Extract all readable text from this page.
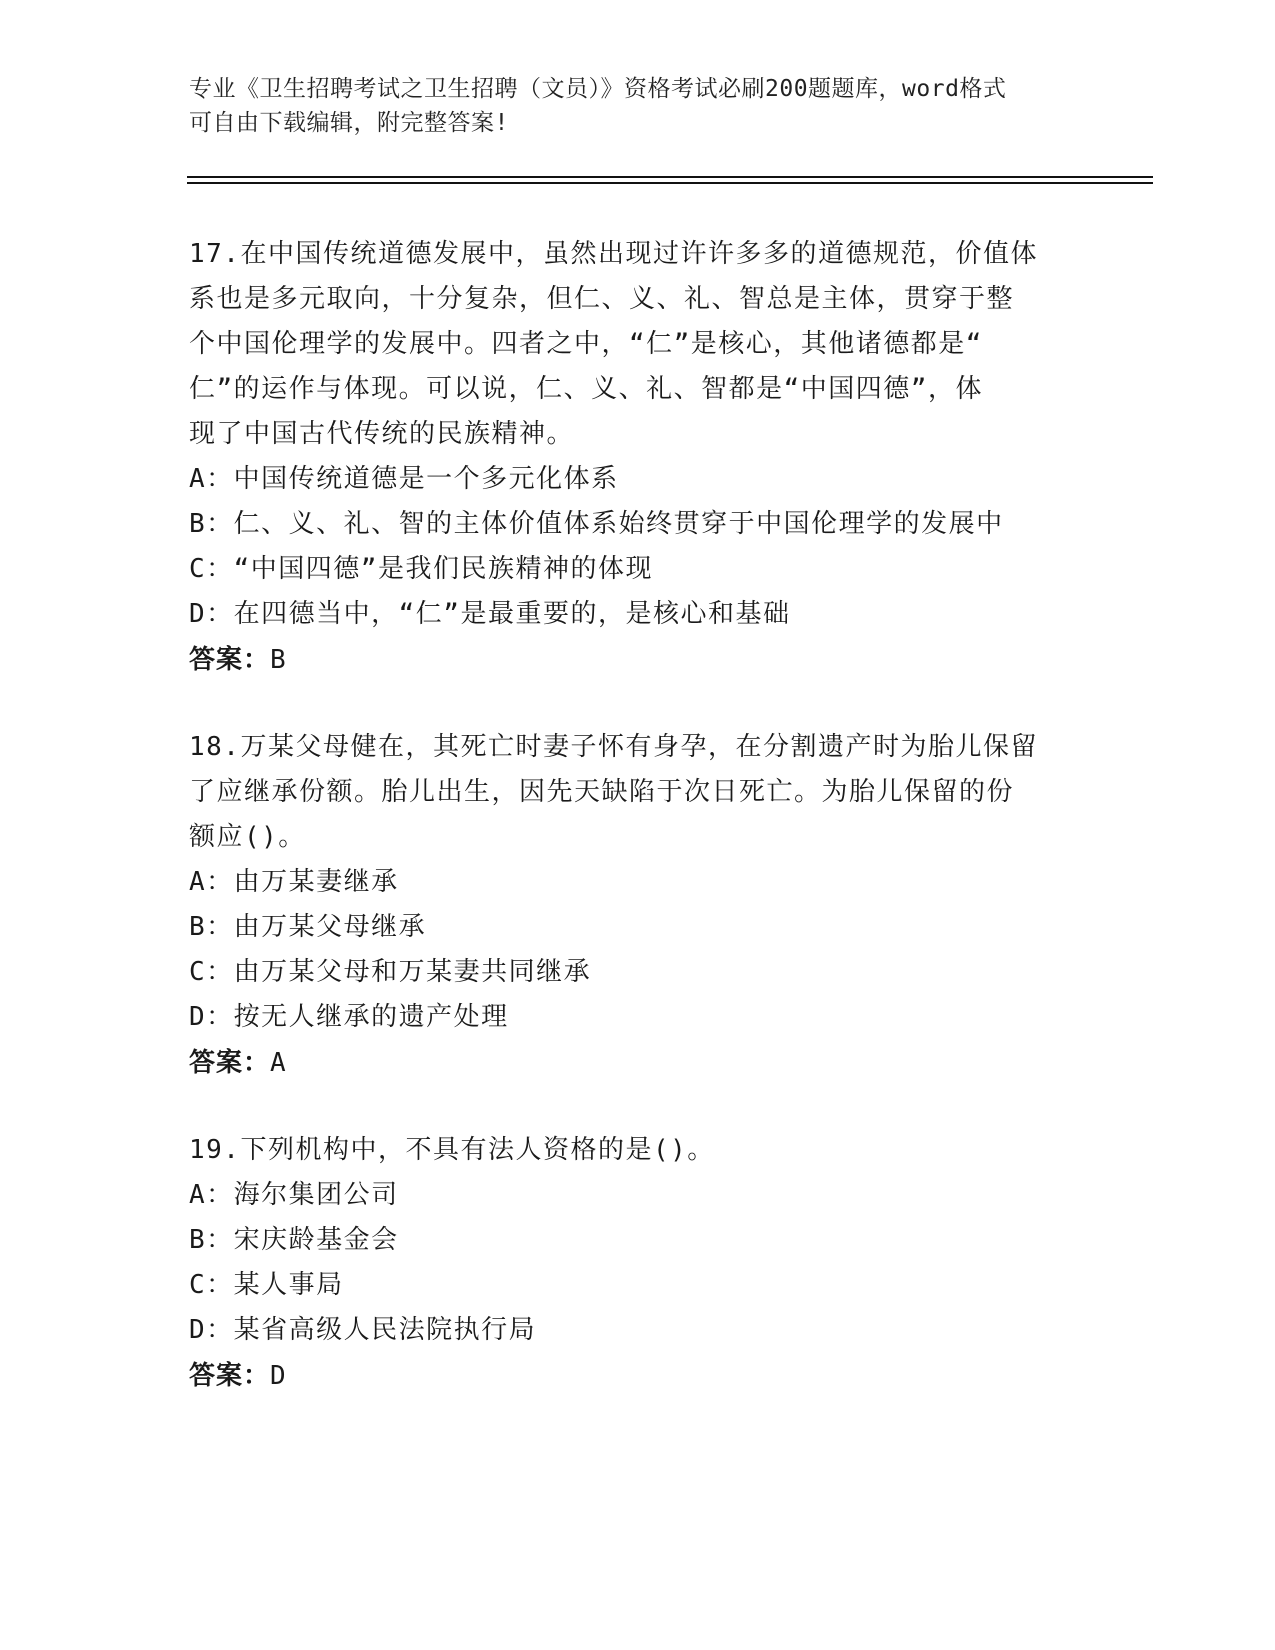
专业《卫生招聘考试之卫生招聘（文员）》资格考试必刷200题题库，word格式
可自由下载编辑，附完整答案!

17.在中国传统道德发展中，虽然出现过许许多多的道德规范，价值体

系也是多元取向，十分复杂，但仁、义、礼、智总是主体，贯穿于整

个中国伦理学的发展中。四者之中，“仁”是核心，其他诸德都是“

仁”的运作与体现。可以说，仁、义、礼、智都是“中国四德”，体

现了中国古代传统的民族精神。

A：中国传统道德是一个多元化体系

B：仁、义、礼、智的主体价值体系始终贯穿于中国伦理学的发展中

C：“中国四德”是我们民族精神的体现

D：在四德当中，“仁”是最重要的，是核心和基础

答案：B

18.万某父母健在，其死亡时妻子怀有身孕，在分割遗产时为胎儿保留

了应继承份额。胎儿出生，因先天缺陷于次日死亡。为胎儿保留的份

额应()。

A：由万某妻继承

B：由万某父母继承

C：由万某父母和万某妻共同继承

D：按无人继承的遗产处理

答案：A

19.下列机构中，不具有法人资格的是()。

A：海尔集团公司

B：宋庆龄基金会

C：某人事局

D：某省高级人民法院执行局

答案：D
